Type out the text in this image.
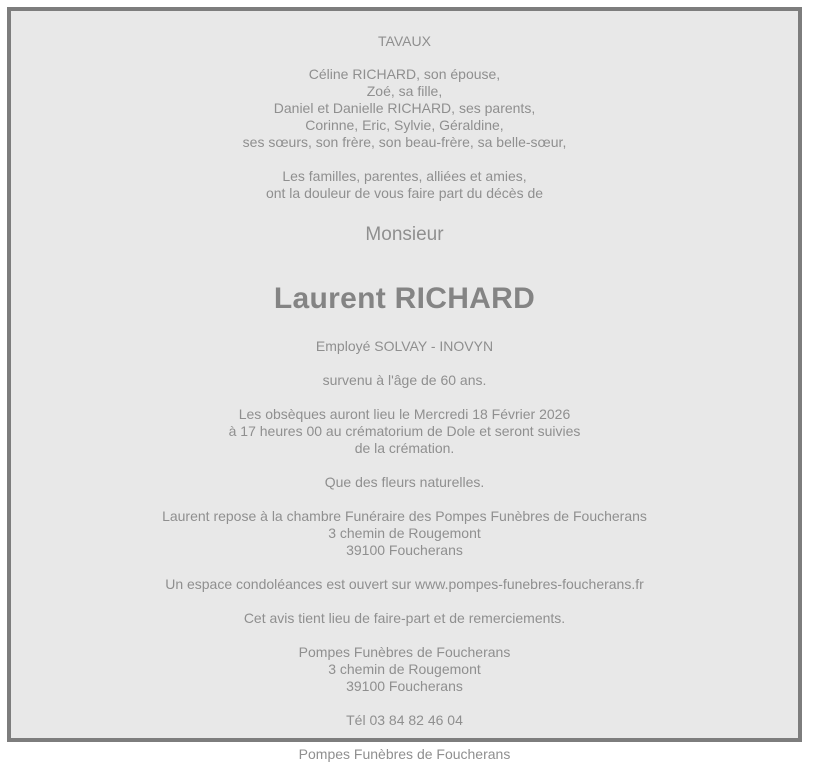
TAVAUX

Céline RICHARD, son épouse,
Zoé, sa fille,
Daniel et Danielle RICHARD, ses parents,
Corinne, Eric, Sylvie, Géraldine,
ses sœurs, son frère, son beau-frère, sa belle-sœur,

Les familles, parentes, alliées et amies,
ont la douleur de vous faire part du décès de

Monsieur

Laurent RICHARD

Employé SOLVAY - INOVYN

survenu à l'âge de 60 ans.

Les obsèques auront lieu le Mercredi 18 Février 2026
à 17 heures 00 au crématorium de Dole et seront suivies
de la crémation.

Que des fleurs naturelles.

Laurent repose à la chambre Funéraire des Pompes Funèbres de Foucherans
3 chemin de Rougemont
39100 Foucherans

Un espace condoléances est ouvert sur www.pompes-funebres-foucherans.fr

Cet avis tient lieu de faire-part et de remerciements.

Pompes Funèbres de Foucherans
3 chemin de Rougemont
39100 Foucherans

Tél 03 84 82 46 04

Pompes Funèbres de Foucherans
